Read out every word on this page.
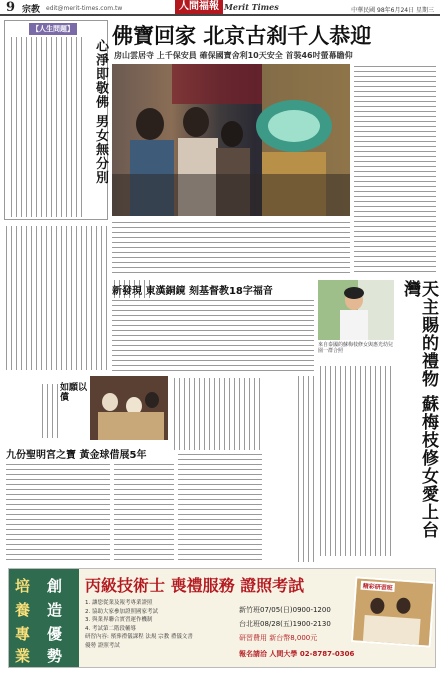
9 宗教 edit@merit-times.com.tw	人間福報 Merit Times	中華民國 98年6月24日 星期三
【人生問題】
心淨即敬佛 男女無分別
佛寶回家 北京古刹千人恭迎
房山雲居寺 上千保安員 確保國寶舍利10天安全 首裝46吋螢幕瞻仰
新發現 東漢銅鏡 刻基督教18字福音
來自泰國的蘇梅枝修女與惠光幼兒園一群合照	天主賜的禮物 蘇梅枝修女愛上台灣
如願以償
九份聖明宮之寶 黃金球借展5年
培 創
養 造
專 優
業 勢
丙級技術士 喪禮服務 證照考試
1. 讓您從業及報考專業證照
2. 協助大家參加證照國家考試
3. 與業界聯合實習運作機制
4. 考試第二階段輔導
研習內容: 殯葬禮儀課程 法規 宗教 禮儀文書
優勢 證照考試
新竹班07/05(日)0900-1200
台北班08/28(五)1900-2130
研習費用 新台幣8,000元
報名請洽 人間大學 02-8787-0306
精彩研習班
